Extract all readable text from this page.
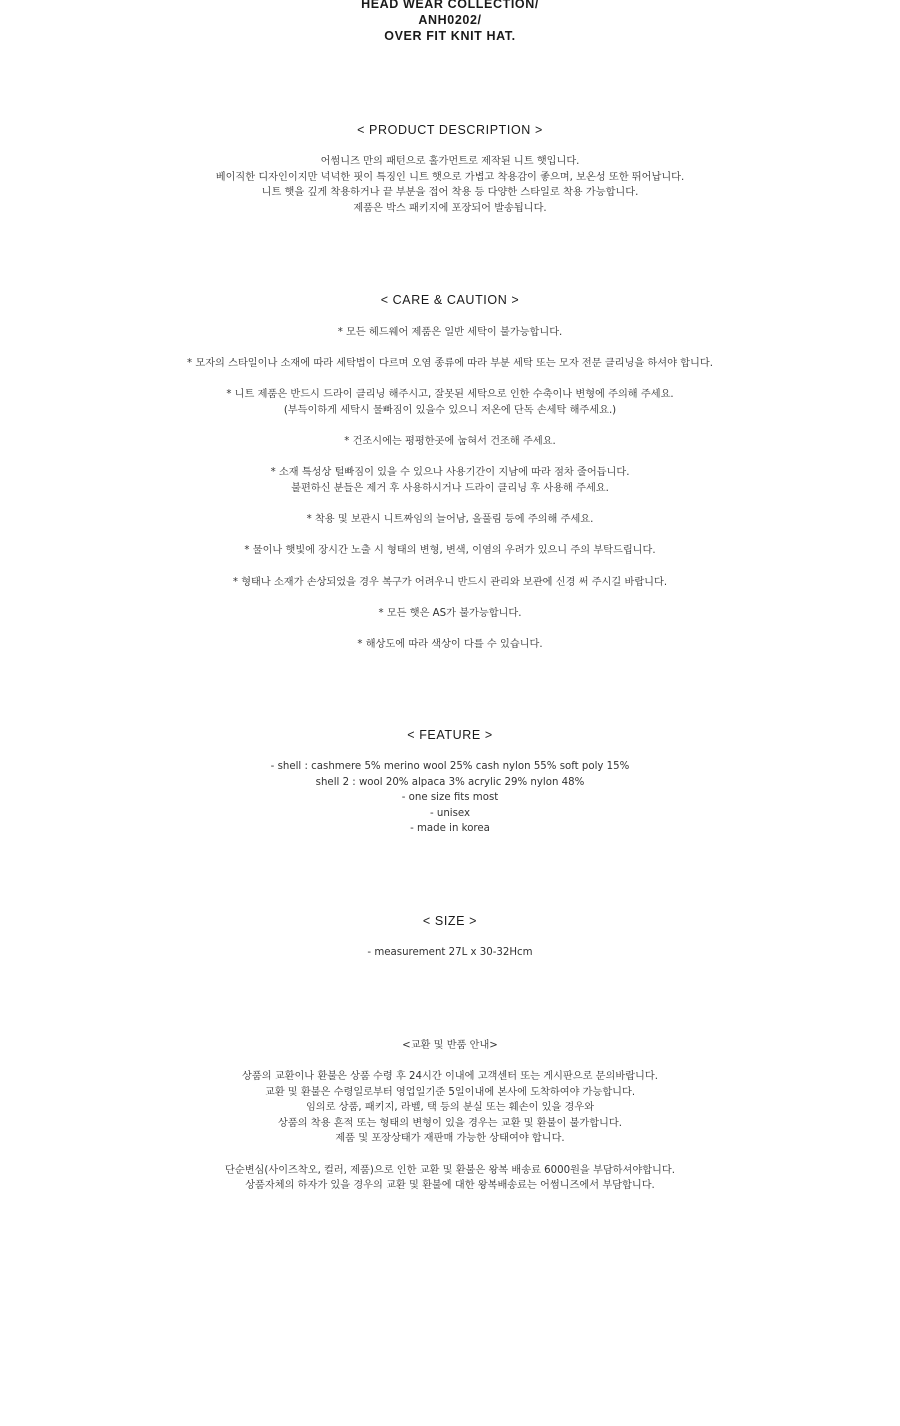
HEAD WEAR COLLECTION/
ANH0202/
OVER FIT KNIT HAT.
< PRODUCT DESCRIPTION >
어썸니즈 만의 패턴으로 홀가먼트로 제작된 니트 햇입니다.
베이직한 디자인이지만 넉넉한 핏이 특징인 니트 햇으로 가볍고 착용감이 좋으며, 보온성 또한 뛰어납니다.
니트 햇을 깊게 착용하거나 끝 부분을 접어 착용 등 다양한 스타일로 착용 가능합니다.
제품은 박스 패키지에 포장되어 발송됩니다.
< CARE & CAUTION >
* 모든 헤드웨어 제품은 일반 세탁이 불가능합니다.
* 모자의 스타일이나 소재에 따라 세탁법이 다르며 오염 종류에 따라 부분 세탁 또는 모자 전문 클리닝을 하셔야 합니다.
* 니트 제품은 반드시 드라이 클리닝 해주시고, 잘못된 세탁으로 인한 수축이나 변형에 주의해 주세요.
(부득이하게 세탁시 물빠짐이 있을수 있으니 저온에 단독 손세탁 해주세요.)
* 건조시에는 평평한곳에 눕혀서 건조해 주세요.
* 소재 특성상 털빠짐이 있을 수 있으나 사용기간이 지남에 따라 점차 줄어듭니다.
불편하신 분들은 제거 후 사용하시거나 드라이 클리닝 후 사용해 주세요.
* 착용 및 보관시 니트짜임의 늘어남, 올풀림 등에 주의해 주세요.
* 물이나 햇빛에 장시간 노출 시 형태의 변형, 변색, 이염의 우려가 있으니 주의 부탁드립니다.
* 형태나 소재가 손상되었을 경우 복구가 어려우니 반드시 관리와 보관에 신경 써 주시길 바랍니다.
* 모든 햇은 AS가 불가능합니다.
* 해상도에 따라 색상이 다를 수 있습니다.
< FEATURE >
- shell : cashmere 5% merino wool 25% cash nylon 55% soft poly 15%
shell 2 : wool 20% alpaca 3% acrylic 29% nylon 48%
- one size fits most
- unisex
- made in korea
< SIZE >
- measurement 27L x 30-32Hcm
<교환 및 반품 안내>
상품의 교환이나 환불은 상품 수령 후 24시간 이내에 고객센터 또는 게시판으로 문의바랍니다.
교환 및 환불은 수령일로부터 영업일기준 5일이내에 본사에 도착하여야 가능합니다.
임의로 상품, 패키지, 라벨, 택 등의 분실 또는 훼손이 있을 경우와
상품의 착용 흔적 또는 형태의 변형이 있을 경우는 교환 및 환불이 불가합니다.
제품 및 포장상태가 재판매 가능한 상태여야 합니다.
단순변심(사이즈착오, 컬러, 제품)으로 인한 교환 및 환불은 왕복 배송료 6000원을 부담하셔야합니다.
상품자체의 하자가 있을 경우의 교환 및 환불에 대한 왕복배송료는 어썸니즈에서 부담합니다.
